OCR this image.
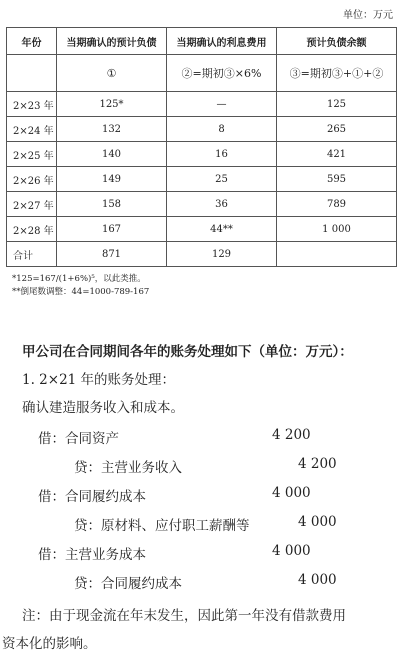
单位：万元
年份	当期确认的预计负债	当期确认的利息费用	预计负债余额
	①	②=期初③×6%	③=期初③+①+②
2×23 年	125*	—	125
2×24 年	132	8	265
2×25 年	140	16	421
2×26 年	149	25	595
2×27 年	158	36	789
2×28 年	167	44**	1 000
合计	871	129	
*125=167/(1+6%)⁵，以此类推。
**倒尾数调整：44=1000-789-167
甲公司在合同期间各年的账务处理如下（单位：万元）：
1. 2×21 年的账务处理：
确认建造服务收入和成本。
借：合同资产	4 200
贷：主营业务收入	4 200
借：合同履约成本	4 000
贷：原材料、应付职工薪酬等	4 000
借：主营业务成本	4 000
贷：合同履约成本	4 000
注：由于现金流在年末发生，因此第一年没有借款费用
资本化的影响。
